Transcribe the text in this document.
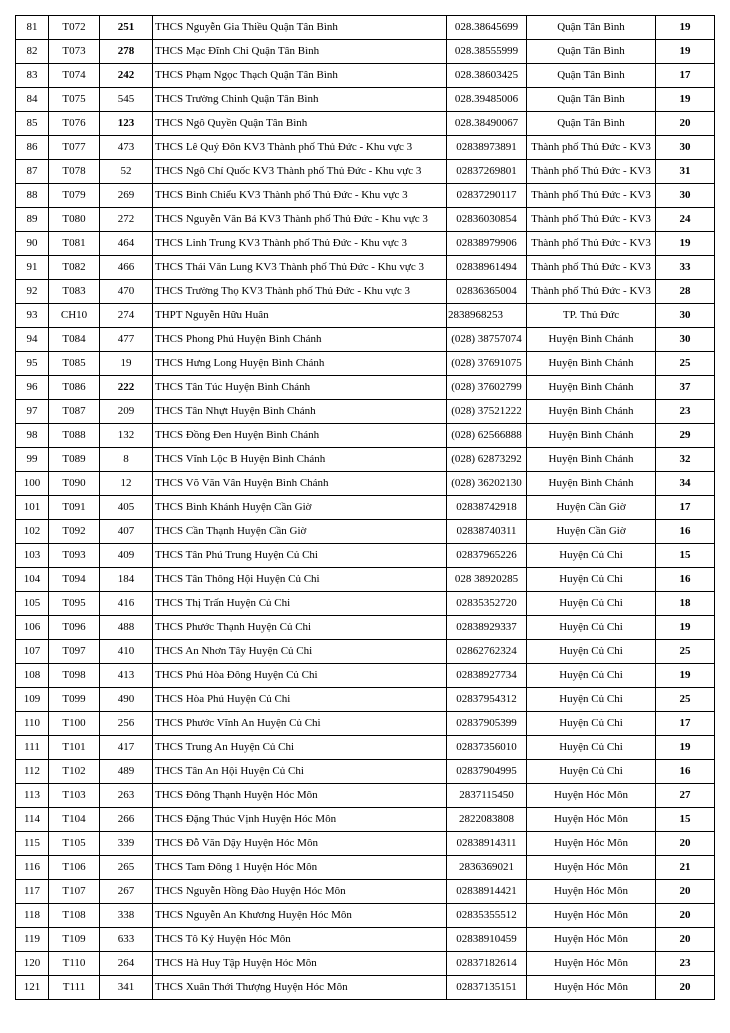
81	T072	251	THCS Nguyễn Gia Thiều Quận Tân Bình	028.38645699	Quận Tân Bình	19
82	T073	278	THCS Mạc Đĩnh Chi Quận Tân Bình	028.38555999	Quận Tân Bình	19
83	T074	242	THCS Phạm Ngọc Thạch Quận Tân Bình	028.38603425	Quận Tân Bình	17
84	T075	545	THCS Trường Chinh Quận Tân Bình	028.39485006	Quận Tân Bình	19
85	T076	123	THCS Ngô Quyền Quận Tân Bình	028.38490067	Quận Tân Bình	20
86	T077	473	THCS Lê Quý Đôn KV3 Thành phố Thủ Đức - Khu vực 3	02838973891	Thành phố Thủ Đức - KV3	30
87	T078	52	THCS Ngô Chí Quốc KV3 Thành phố Thủ Đức - Khu vực 3	02837269801	Thành phố Thủ Đức - KV3	31
88	T079	269	THCS Bình Chiểu KV3 Thành phố Thủ Đức - Khu vực 3	02837290117	Thành phố Thủ Đức - KV3	30
89	T080	272	THCS Nguyễn Văn Bá KV3 Thành phố Thủ Đức - Khu vực 3	02836030854	Thành phố Thủ Đức - KV3	24
90	T081	464	THCS Linh Trung KV3 Thành phố Thủ Đức - Khu vực 3	02838979906	Thành phố Thủ Đức - KV3	19
91	T082	466	THCS Thái Văn Lung KV3 Thành phố Thủ Đức - Khu vực 3	02838961494	Thành phố Thủ Đức - KV3	33
92	T083	470	THCS Trường Thọ KV3 Thành phố Thủ Đức - Khu vực 3	02836365004	Thành phố Thủ Đức - KV3	28
93	CH10	274	THPT Nguyễn Hữu Huân	2838968253	TP. Thủ Đức	30
94	T084	477	THCS Phong Phú Huyện Bình Chánh	(028) 38757074	Huyện Bình Chánh	30
95	T085	19	THCS Hưng Long Huyện Bình Chánh	(028) 37691075	Huyện Bình Chánh	25
96	T086	222	THCS Tân Túc Huyện Bình Chánh	(028) 37602799	Huyện Bình Chánh	37
97	T087	209	THCS Tân Nhựt Huyện Bình Chánh	(028) 37521222	Huyện Bình Chánh	23
98	T088	132	THCS Đồng Đen Huyện Bình Chánh	(028) 62566888	Huyện Bình Chánh	29
99	T089	8	THCS Vĩnh Lộc B Huyện Bình Chánh	(028) 62873292	Huyện Bình Chánh	32
100	T090	12	THCS Võ Văn Vân Huyện Bình Chánh	(028) 36202130	Huyện Bình Chánh	34
101	T091	405	THCS Bình Khánh Huyện Cần Giờ	02838742918	Huyện Cần Giờ	17
102	T092	407	THCS Cần Thạnh Huyện Cần Giờ	02838740311	Huyện Cần Giờ	16
103	T093	409	THCS Tân Phú Trung Huyện Củ Chi	02837965226	Huyện Củ Chi	15
104	T094	184	THCS Tân Thông Hội Huyện Củ Chi	028 38920285	Huyện Củ Chi	16
105	T095	416	THCS Thị Trấn Huyện Củ Chi	02835352720	Huyện Củ Chi	18
106	T096	488	THCS Phước Thạnh Huyện Củ Chi	02838929337	Huyện Củ Chi	19
107	T097	410	THCS An Nhơn Tây Huyện Củ Chi	02862762324	Huyện Củ Chi	25
108	T098	413	THCS Phú Hòa Đông Huyện Củ Chi	02838927734	Huyện Củ Chi	19
109	T099	490	THCS Hòa Phú Huyện Củ Chi	02837954312	Huyện Củ Chi	25
110	T100	256	THCS Phước Vĩnh An Huyện Củ Chi	02837905399	Huyện Củ Chi	17
111	T101	417	THCS Trung An Huyện Củ Chi	02837356010	Huyện Củ Chi	19
112	T102	489	THCS Tân An Hội Huyện Củ Chi	02837904995	Huyện Củ Chi	16
113	T103	263	THCS Đông Thạnh Huyện Hóc Môn	2837115450	Huyện Hóc Môn	27
114	T104	266	THCS Đặng Thúc Vịnh Huyện Hóc Môn	2822083808	Huyện Hóc Môn	15
115	T105	339	THCS Đỗ Văn Dậy Huyện Hóc Môn	02838914311	Huyện Hóc Môn	20
116	T106	265	THCS Tam Đông 1 Huyện Hóc Môn	2836369021	Huyện Hóc Môn	21
117	T107	267	THCS Nguyễn Hồng Đào Huyện Hóc Môn	02838914421	Huyện Hóc Môn	20
118	T108	338	THCS Nguyễn An Khương Huyện Hóc Môn	02835355512	Huyện Hóc Môn	20
119	T109	633	THCS Tô Ký Huyện Hóc Môn	02838910459	Huyện Hóc Môn	20
120	T110	264	THCS Hà Huy Tập Huyện Hóc Môn	02837182614	Huyện Hóc Môn	23
121	T111	341	THCS Xuân Thới Thượng Huyện Hóc Môn	02837135151	Huyện Hóc Môn	20
